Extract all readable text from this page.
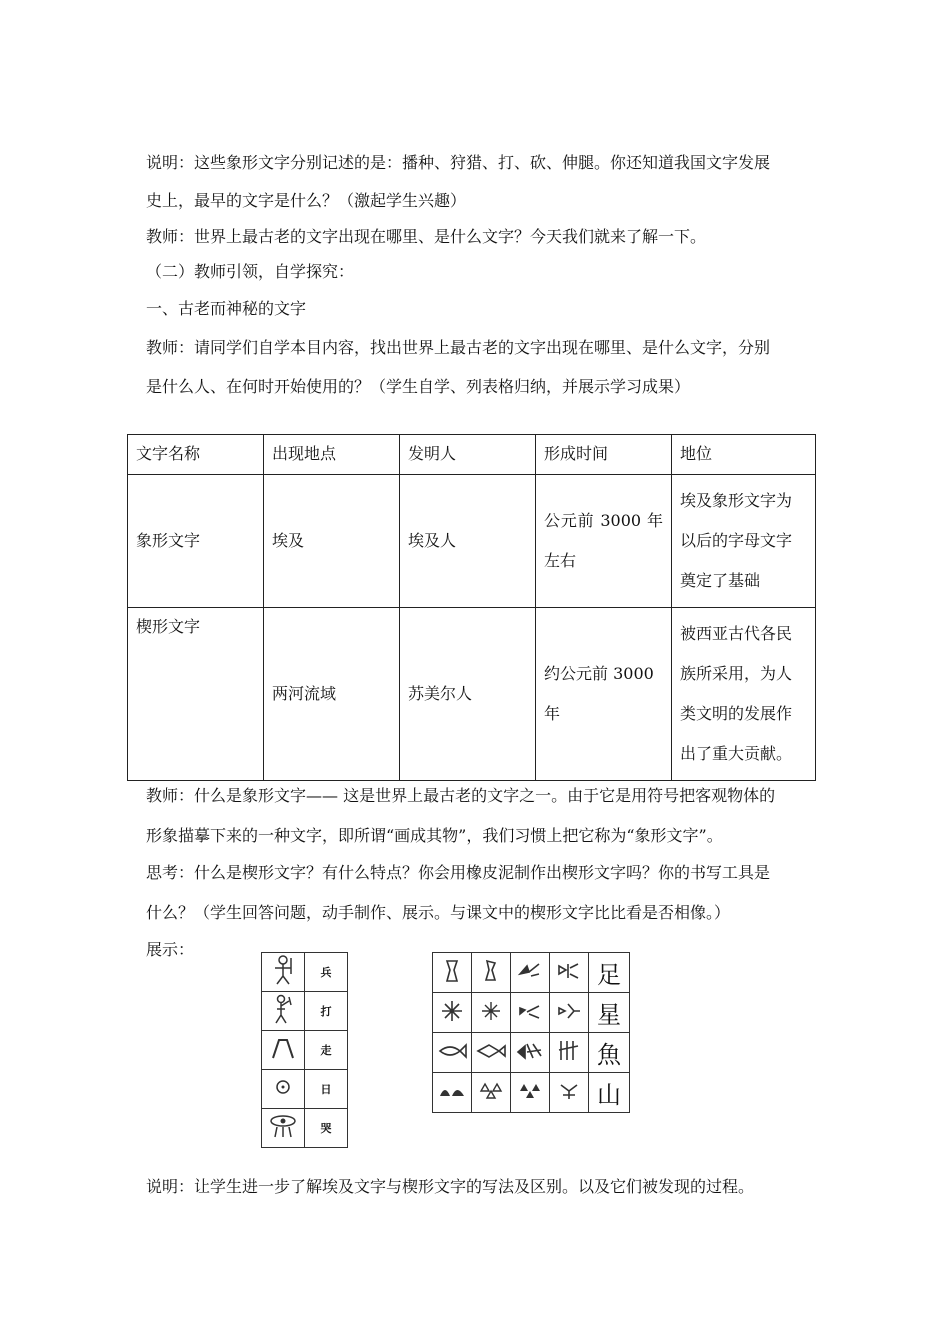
说明：这些象形文字分别记述的是：播种、狩猎、打、砍、伸腿。你还知道我国文字发展
史上，最早的文字是什么？（激起学生兴趣）
教师：世界上最古老的文字出现在哪里、是什么文字？今天我们就来了解一下。
（二）教师引领，自学探究：
一、古老而神秘的文字
教师：请同学们自学本目内容，找出世界上最古老的文字出现在哪里、是什么文字，分别
是什么人、在何时开始使用的？（学生自学、列表格归纳，并展示学习成果）
文字名称	出现地点	发明人	形成时间	地位
象形文字	埃及	埃及人	公元前 3000 年左右	埃及象形文字为以后的字母文字奠定了基础
楔形文字	两河流域	苏美尔人	约公元前 3000 年	被西亚古代各民族所采用，为人类文明的发展作出了重大贡献。
教师：什么是象形文字—— 这是世界上最古老的文字之一。由于它是用符号把客观物体的
形象描摹下来的一种文字，即所谓“画成其物”，我们习惯上把它称为“象形文字”。
思考：什么是楔形文字？有什么特点？你会用橡皮泥制作出楔形文字吗？你的书写工具是
什么？（学生回答问题，动手制作、展示。与课文中的楔形文字比比看是否相像。）
展示：
	兵
	打
	走
	日
	哭
				足
				星
				魚
				山
说明：让学生进一步了解埃及文字与楔形文字的写法及区别。以及它们被发现的过程。
